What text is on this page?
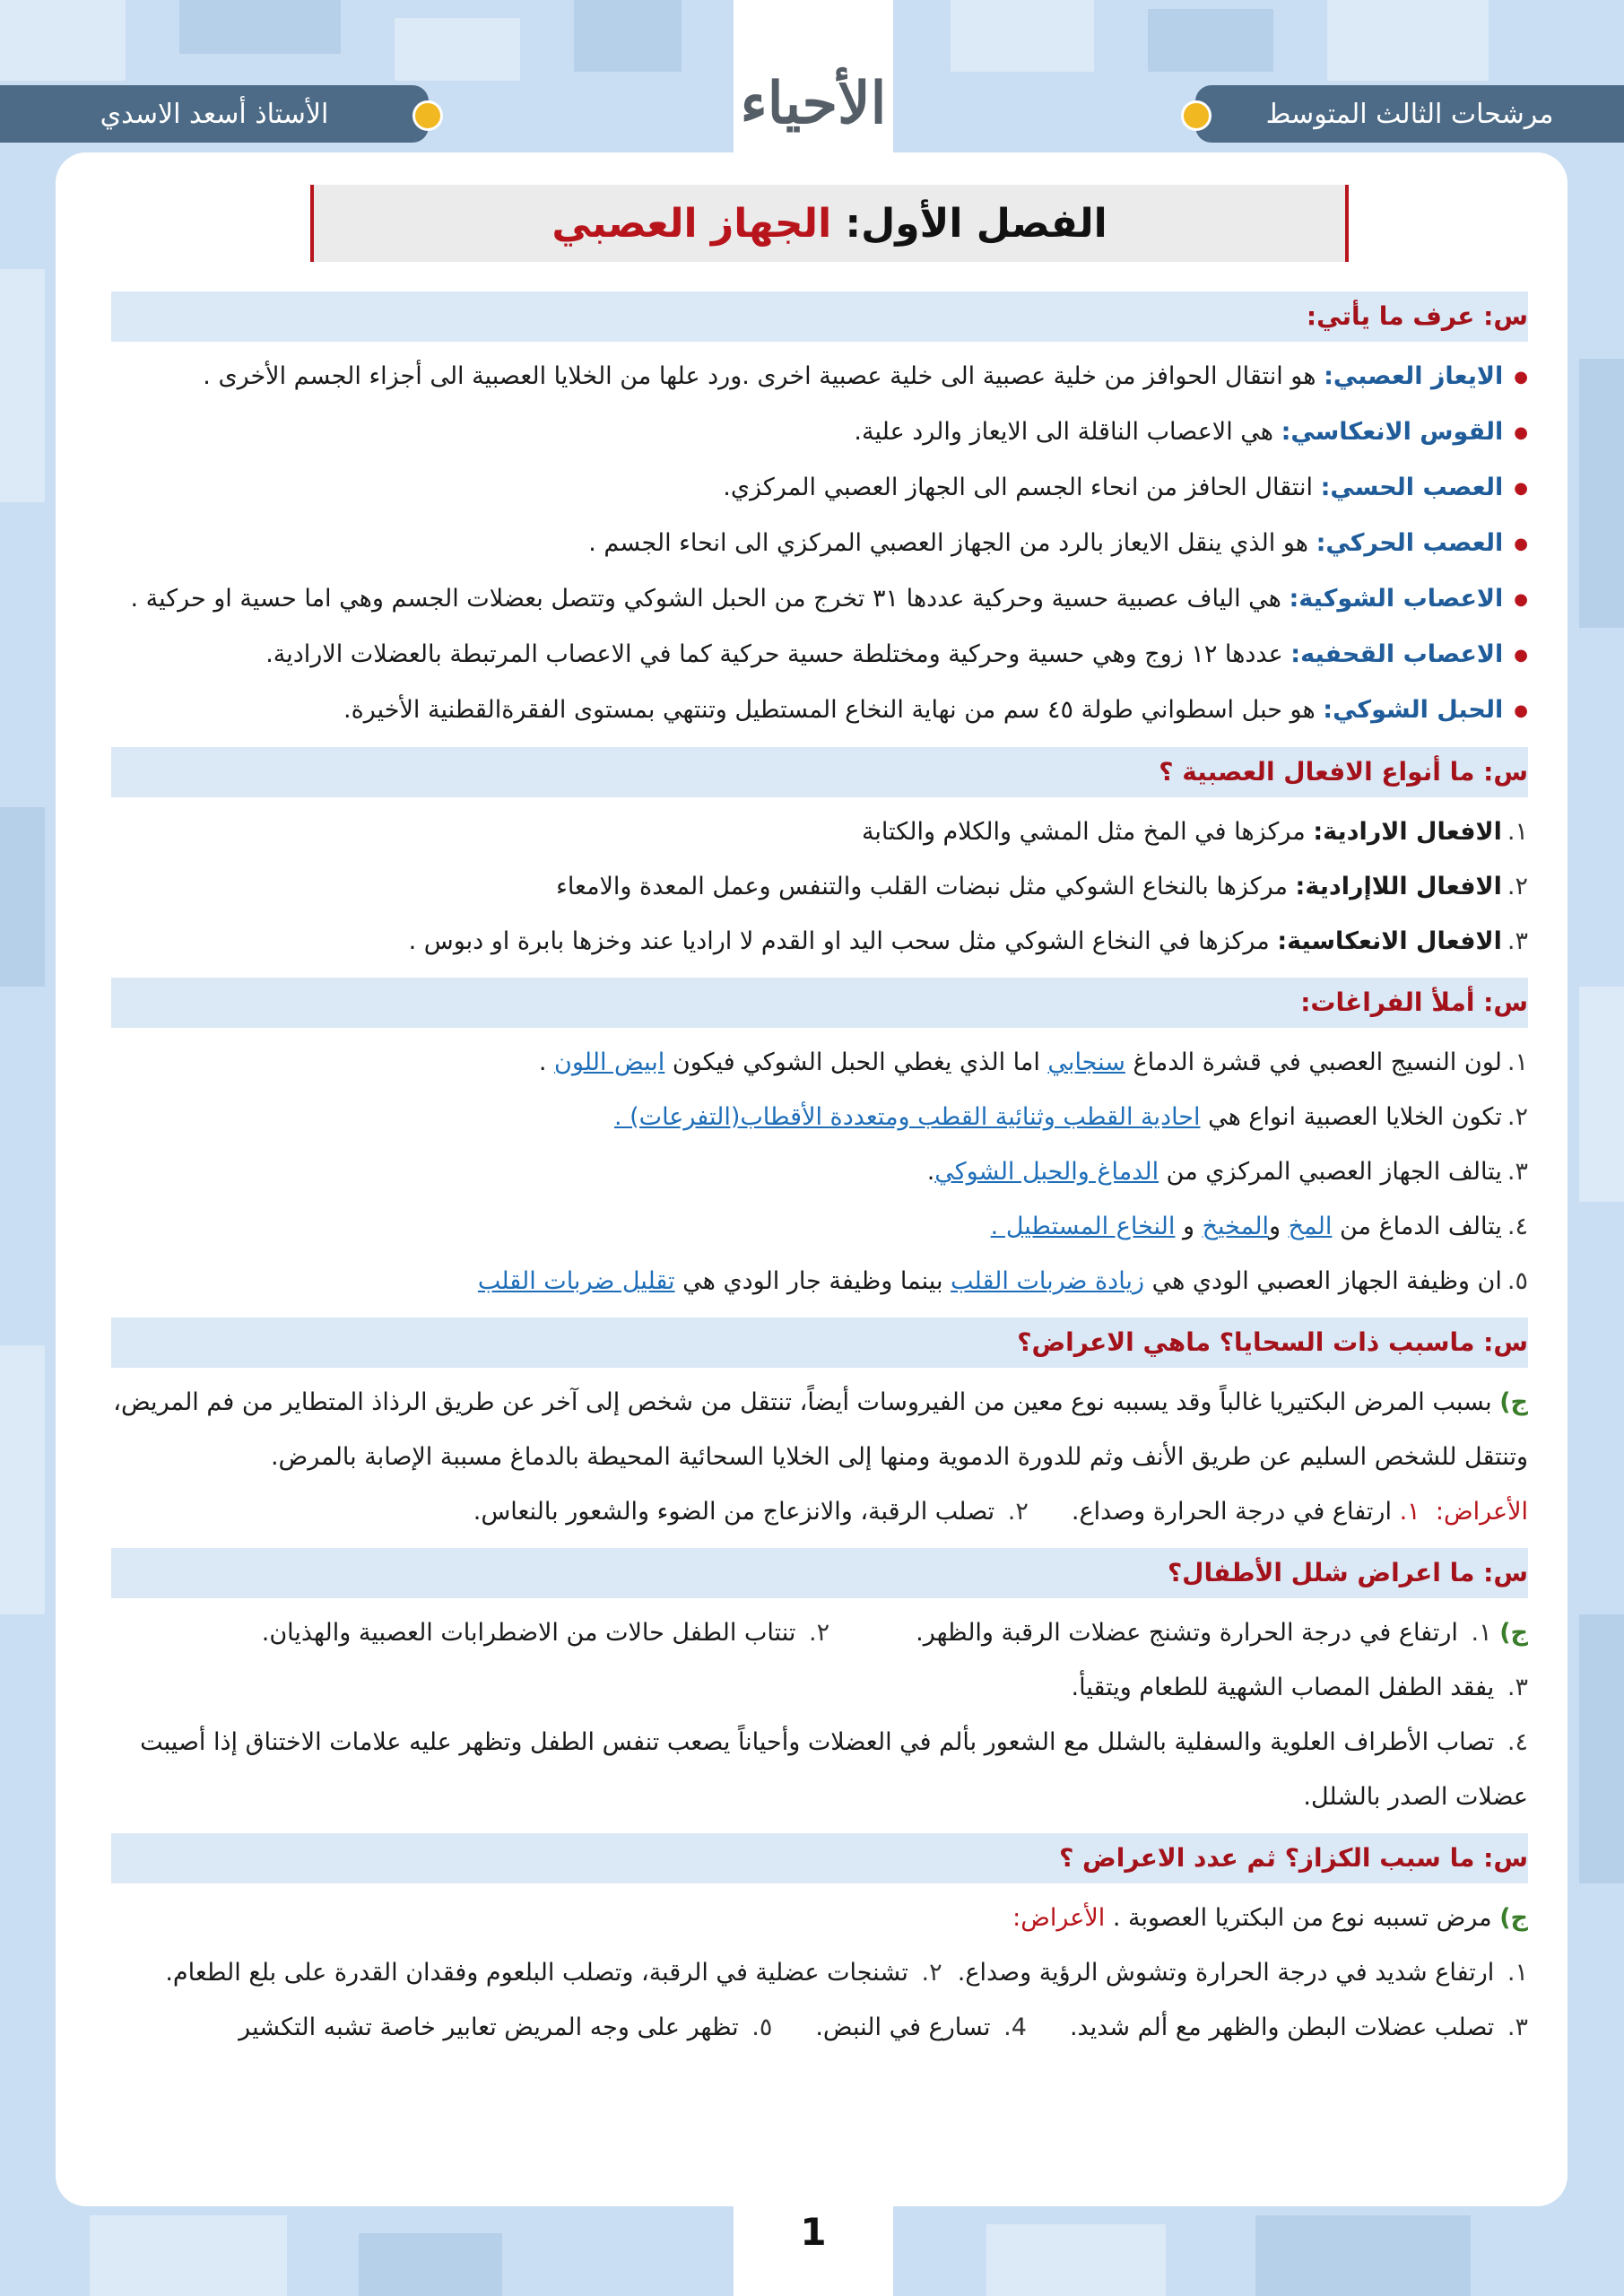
مرشحات الثالث المتوسط
الأستاذ أسعد الاسدي	الأحياء
الفصل الأول:

الجهاز العصبي
س: عرف ما يأتي:
● الايعاز العصبي: هو انتقال الحوافز من خلية عصبية الى خلية عصبية اخرى .ورد علها من الخلايا العصبية الى أجزاء الجسم الأخرى .
● القوس الانعكاسي: هي الاعصاب الناقلة الى الايعاز والرد علية.
● العصب الحسي: انتقال الحافز من انحاء الجسم الى الجهاز العصبي المركزي.
● العصب الحركي: هو الذي ينقل الايعاز بالرد من الجهاز العصبي المركزي الى انحاء الجسم .
● الاعصاب الشوكية: هي الياف عصبية حسية وحركية عددها ٣١ تخرج من الحبل الشوكي وتتصل بعضلات الجسم وهي اما حسية او حركية .
● الاعصاب القحفيه: عددها ١٢ زوج وهي حسية وحركية ومختلطة حسية حركية كما في الاعصاب المرتبطة بالعضلات الارادية.
● الحبل الشوكي: هو حبل اسطواني طولة ٤٥ سم من نهاية النخاع المستطيل وتنتهي بمستوى الفقرةالقطنية الأخيرة.
س: ما أنواع الافعال العصبية ؟
١.الافعال الارادية: مركزها في المخ مثل المشي والكلام والكتابة
٢.الافعال اللاإرادية: مركزها بالنخاع الشوكي مثل نبضات القلب والتنفس وعمل المعدة والامعاء
٣.الافعال الانعكاسية: مركزها في النخاع الشوكي مثل سحب اليد او القدم لا اراديا عند وخزها بابرة او دبوس .
س: أملأ الفراغات:
١.لون النسيج العصبي في قشرة الدماغ سنجابي اما الذي يغطي الحبل الشوكي فيكون ابيض اللون .
٢.تكون الخلايا العصبية انواع هي احادية القطب وثنائية القطب ومتعددة الأقطاب(التفرعات) .
٣.يتالف الجهاز العصبي المركزي من الدماغ والحبل الشوكي.
٤.يتالف الدماغ من المخ والمخيخ و النخاع المستطيل .
٥.ان وظيفة الجهاز العصبي الودي هي زيادة ضربات القلب بينما وظيفة جار الودي هي تقليل ضربات القلب
س: ماسبب ذات السحايا؟ ماهي الاعراض؟
ج) بسبب المرض البكتيريا غالباً وقد يسببه نوع معين من الفيروسات أيضاً، تنتقل من شخص إلى آخر عن طريق الرذاذ المتطاير من فم المريض، وتنتقل للشخص السليم عن طريق الأنف وثم للدورة الدموية ومنها إلى الخلايا السحائية المحيطة بالدماغ مسببة الإصابة بالمرض.
الأعراض:  ١. ارتفاع في درجة الحرارة وصداع.٢. تصلب الرقبة، والانزعاج من الضوء والشعور بالنعاس.
س: ما اعراض شلل الأطفال؟
ج) ١. ارتفاع في درجة الحرارة وتشنج عضلات الرقبة والظهر.٢. تنتاب الطفل حالات من الاضطرابات العصبية والهذيان.
٣. يفقد الطفل المصاب الشهية للطعام ويتقيأ.
٤. تصاب الأطراف العلوية والسفلية بالشلل مع الشعور بألم في العضلات وأحياناً يصعب تنفس الطفل وتظهر عليه علامات الاختناق إذا أصيبت عضلات الصدر بالشلل.
س: ما سبب الكزاز؟ ثم عدد الاعراض ؟
ج) مرض تسببه نوع من البكتريا العصوبة . الأعراض:
١. ارتفاع شديد في درجة الحرارة وتشوش الرؤية وصداع.  ٢. تشنجات عضلية في الرقبة، وتصلب البلعوم وفقدان القدرة على بلع الطعام.
٣. تصلب عضلات البطن والظهر مع ألم شديد.4. تسارع في النبض.٥. تظهر على وجه المريض تعابير خاصة تشبه التكشير
1
